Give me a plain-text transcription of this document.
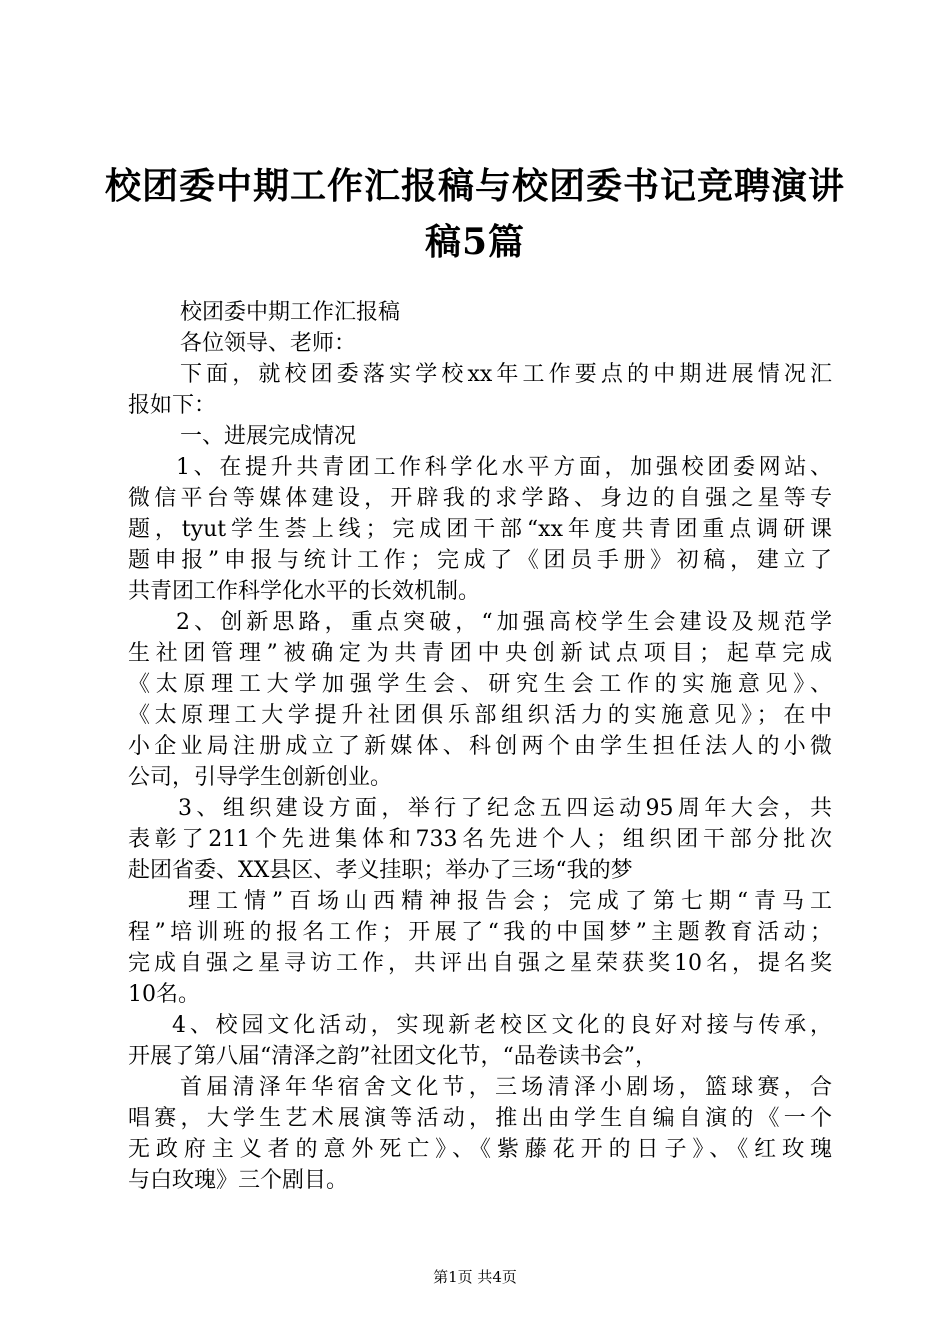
校团委中期工作汇报稿与校团委书记竞聘演讲
稿5篇
校团委中期工作汇报稿
各位领导、老师：
下面，就校团委落实学校xx年工作要点的中期进展情况汇
报如下：
一、进展完成情况
1、在提升共青团工作科学化水平方面，加强校团委网站、
微信平台等媒体建设，开辟我的求学路、身边的自强之星等专
题，tyut学生荟上线；完成团干部“xx年度共青团重点调研课
题申报”申报与统计工作；完成了《团员手册》初稿，建立了
共青团工作科学化水平的长效机制。
2、创新思路，重点突破，“加强高校学生会建设及规范学
生社团管理”被确定为共青团中央创新试点项目；起草完成
《太原理工大学加强学生会、研究生会工作的实施意见》、
《太原理工大学提升社团俱乐部组织活力的实施意见》；在中
小企业局注册成立了新媒体、科创两个由学生担任法人的小微
公司，引导学生创新创业。
3、组织建设方面，举行了纪念五四运动95周年大会，共
表彰了211个先进集体和733名先进个人；组织团干部分批次
赴团省委、XX县区、孝义挂职；举办了三场“我的梦
理工情”百场山西精神报告会；完成了第七期“青马工
程”培训班的报名工作；开展了“我的中国梦”主题教育活动；
完成自强之星寻访工作，共评出自强之星荣获奖10名，提名奖
10名。
4、校园文化活动，实现新老校区文化的良好对接与传承，
开展了第八届“清泽之韵”社团文化节，“品卷读书会”，
首届清泽年华宿舍文化节，三场清泽小剧场，篮球赛，合
唱赛，大学生艺术展演等活动，推出由学生自编自演的《一个
无政府主义者的意外死亡》、《紫藤花开的日子》、《红玫瑰
与白玫瑰》三个剧目。
第1页 共4页
